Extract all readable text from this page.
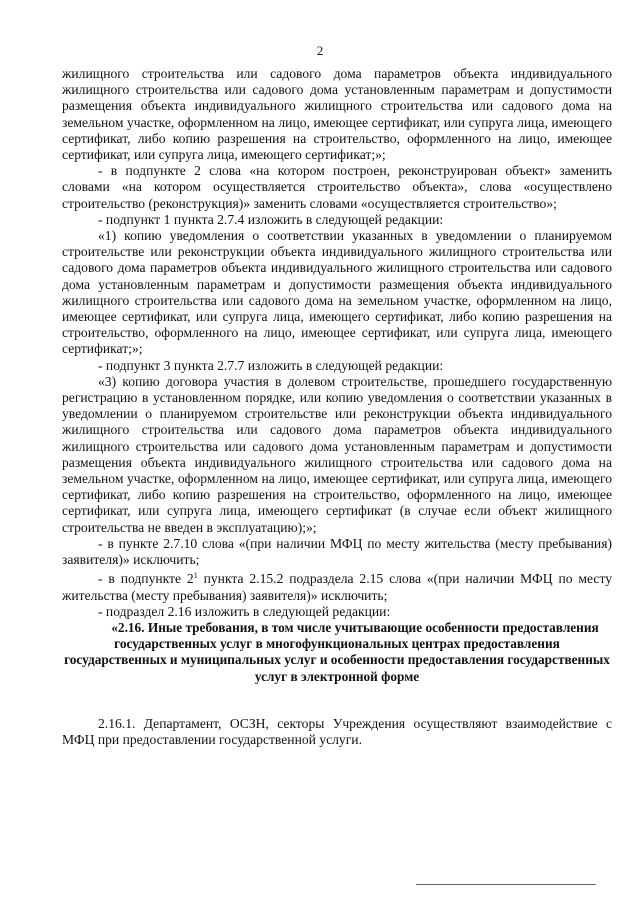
2

жилищного строительства или садового дома параметров объекта индивидуального жилищного строительства или садового дома установленным параметрам и допустимости размещения объекта индивидуального жилищного строительства или садового дома на земельном участке, оформленном на лицо, имеющее сертификат, или супруга лица, имеющего сертификат, либо копию разрешения на строительство, оформленного на лицо, имеющее сертификат, или супруга лица, имеющего сертификат;»;

- в подпункте 2 слова «на котором построен, реконструирован объект» заменить словами «на котором осуществляется строительство объекта», слова «осуществлено строительство (реконструкция)» заменить словами «осуществляется строительство»;

- подпункт 1 пункта 2.7.4 изложить в следующей редакции:

«1) копию уведомления о соответствии указанных в уведомлении о планируемом строительстве или реконструкции объекта индивидуального жилищного строительства или садового дома параметров объекта индивидуального жилищного строительства или садового дома установленным параметрам и допустимости размещения объекта индивидуального жилищного строительства или садового дома на земельном участке, оформленном на лицо, имеющее сертификат, или супруга лица, имеющего сертификат, либо копию разрешения на строительство, оформленного на лицо, имеющее сертификат, или супруга лица, имеющего сертификат;»;

- подпункт 3 пункта 2.7.7 изложить в следующей редакции:

«3) копию договора участия в долевом строительстве, прошедшего государственную регистрацию в установленном порядке, или копию уведомления о соответствии указанных в уведомлении о планируемом строительстве или реконструкции объекта индивидуального жилищного строительства или садового дома параметров объекта индивидуального жилищного строительства или садового дома установленным параметрам и допустимости размещения объекта индивидуального жилищного строительства или садового дома на земельном участке, оформленном на лицо, имеющее сертификат, или супруга лица, имеющего сертификат, либо копию разрешения на строительство, оформленного на лицо, имеющее сертификат, или супруга лица, имеющего сертификат (в случае если объект жилищного строительства не введен в эксплуатацию);»;

- в пункте 2.7.10 слова «(при наличии МФЦ по месту жительства (месту пребывания) заявителя)» исключить;

- в подпункте $2^1$ пункта 2.15.2 подраздела 2.15 слова «(при наличии МФЦ по месту жительства (месту пребывания) заявителя)» исключить;

- подраздел 2.16 изложить в следующей редакции:

«2.16. Иные требования, в том числе учитывающие особенности предоставления государственных услуг в многофункциональных центрах предоставления государственных и муниципальных услуг и особенности предоставления государственных услуг в электронной форме

2.16.1. Департамент, ОСЗН, секторы Учреждения осуществляют взаимодействие с МФЦ при предоставлении государственной услуги.
